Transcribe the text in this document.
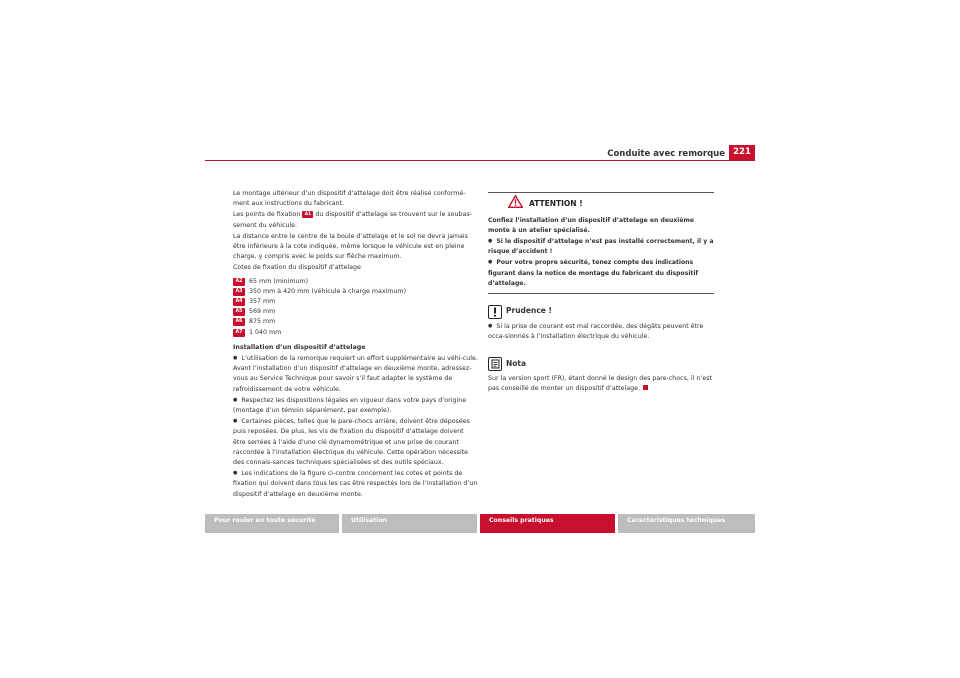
Conduite avec remorque 221

Le montage ultérieur d’un dispositif d’attelage doit être réalisé conformé-ment aux instructions du fabricant.

Les points de fixation A1 du dispositif d’attelage se trouvent sur le soubas-sement du véhicule.

La distance entre le centre de la boule d’attelage et le sol ne devra jamais être inférieure à la cote indiquée, même lorsque le véhicule est en pleine charge, y compris avec le poids sur flèche maximum.

Cotes de fixation du dispositif d’attelage

A2	65 mm (minimum)
A3	350 mm à 420 mm (véhicule à charge maximum)
A4	357 mm
A5	569 mm
A6	875 mm
A7	1 040 mm

Installation d’un dispositif d’attelage

● L’utilisation de la remorque requiert un effort supplémentaire au véhi-cule. Avant l’installation d’un dispositif d’attelage en deuxième monte, adressez-vous au Service Technique pour savoir s’il faut adapter le système de refroidissement de votre véhicule.

● Respectez les dispositions légales en vigueur dans votre pays d’origine (montage d’un témoin séparément, par exemple).

● Certaines pièces, telles que le pare-chocs arrière, doivent être déposées puis reposées. De plus, les vis de fixation du dispositif d’attelage doivent être serrées à l’aide d’une clé dynamométrique et une prise de courant raccordée à l’installation électrique du véhicule. Cette opération nécessite des connais-sances techniques spécialisées et des outils spéciaux.

● Les indications de la figure ci-contre concernent les cotes et points de fixation qui doivent dans tous les cas être respectés lors de l’installation d’un dispositif d’attelage en deuxième monte.

ATTENTION !

Confiez l’installation d’un dispositif d’attelage en deuxième monte à un atelier spécialisé.

● Si le dispositif d’attelage n’est pas installé correctement, il y a risque d’accident !

● Pour votre propre sécurité, tenez compte des indications figurant dans la notice de montage du fabricant du dispositif d’attelage.

Prudence !

● Si la prise de courant est mal raccordée, des dégâts peuvent être occa-sionnés à l’installation électrique du véhicule.

Nota

Sur la version sport (FR), étant donné le design des pare-chocs, il n’est pas conseillé de monter un dispositif d’attelage.

Pour rouler en toute sécurité	Utilisation	Conseils pratiques	Caractéristiques techniques
